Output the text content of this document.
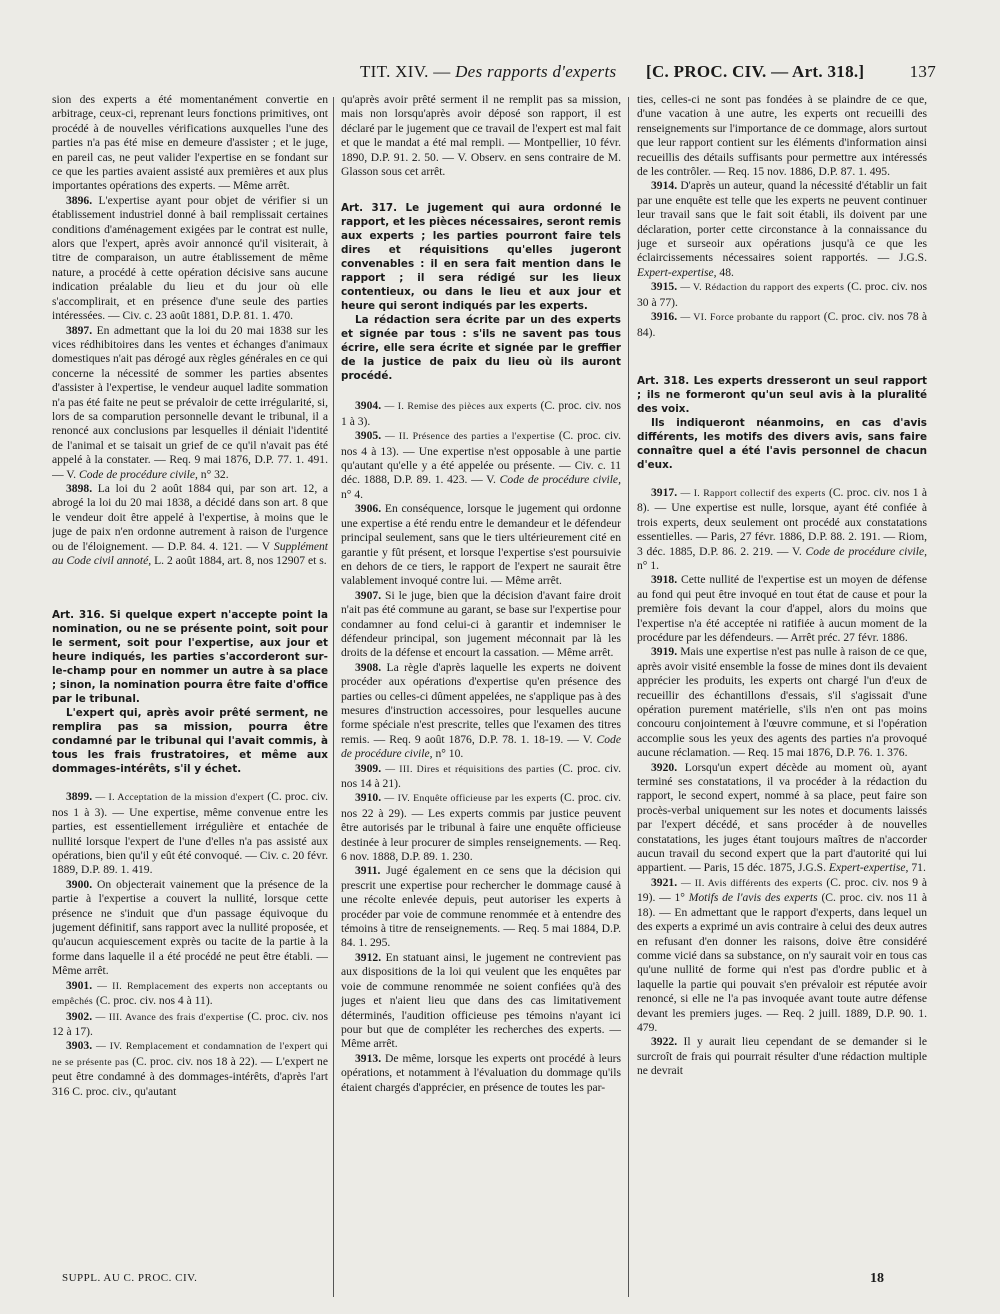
TIT. XIV. — Des rapports d'experts [C. PROC. CIV. — Art. 318.]	137

sion des experts a été momentanément convertie en arbitrage, ceux-ci, reprenant leurs fonctions primitives, ont procédé à de nouvelles vérifications auxquelles l'une des parties n'a pas été mise en demeure d'assister ; et le juge, en pareil cas, ne peut valider l'expertise en se fondant sur ce que les parties avaient assisté aux premières et aux plus importantes opérations des experts. — Même arrêt.

3896. L'expertise ayant pour objet de vérifier si un établissement industriel donné à bail remplissait certaines conditions d'aménagement exigées par le contrat est nulle, alors que l'expert, après avoir annoncé qu'il visiterait, à titre de comparaison, un autre établissement de même nature, a procédé à cette opération décisive sans aucune indication préalable du lieu et du jour où elle s'accomplirait, et en présence d'une seule des parties intéressées. — Civ. c. 23 août 1881, D.P. 81. 1. 470.

3897. En admettant que la loi du 20 mai 1838 sur les vices rédhibitoires dans les ventes et échanges d'animaux domestiques n'ait pas dérogé aux règles générales en ce qui concerne la nécessité de sommer les parties absentes d'assister à l'expertise, le vendeur auquel ladite sommation n'a pas été faite ne peut se prévaloir de cette irrégularité, si, lors de sa comparution personnelle devant le tribunal, il a renoncé aux conclusions par lesquelles il déniait l'identité de l'animal et se taisait un grief de ce qu'il n'avait pas été appelé à la constater. — Req. 9 mai 1876, D.P. 77. 1. 491. — V. Code de procédure civile, n° 32.

3898. La loi du 2 août 1884 qui, par son art. 12, a abrogé la loi du 20 mai 1838, a décidé dans son art. 8 que le vendeur doit être appelé à l'expertise, à moins que le juge de paix n'en ordonne autrement à raison de l'urgence ou de l'éloignement. — D.P. 84. 4. 121. — V Supplément au Code civil annoté, L. 2 août 1884, art. 8, nos 12907 et s.

Art. 316. Si quelque expert n'accepte point la nomination, ou ne se présente point, soit pour le serment, soit pour l'expertise, aux jour et heure indiqués, les parties s'accorderont sur-le-champ pour en nommer un autre à sa place ; sinon, la nomination pourra être faite d'office par le tribunal.
L'expert qui, après avoir prêté serment, ne remplira pas sa mission, pourra être condamné par le tribunal qui l'avait commis, à tous les frais frustratoires, et même aux dommages-intérêts, s'il y échet.

3899. — I. Acceptation de la mission d'expert (C. proc. civ. nos 1 à 3). — Une expertise, même convenue entre les parties, est essentiellement irrégulière et entachée de nullité lorsque l'expert de l'une d'elles n'a pas assisté aux opérations, bien qu'il y eût été convoqué. — Civ. c. 20 févr. 1889, D.P. 89. 1. 419.

3900. On objecterait vainement que la présence de la partie à l'expertise a couvert la nullité, lorsque cette présence ne s'induit que d'un passage équivoque du jugement définitif, sans rapport avec la nullité proposée, et qu'aucun acquiescement exprès ou tacite de la partie à la forme dans laquelle il a été procédé ne peut être établi. — Même arrêt.

3901. — II. Remplacement des experts non acceptants ou empêchés (C. proc. civ. nos 4 à 11).

3902. — III. Avance des frais d'expertise (C. proc. civ. nos 12 à 17).

3903. — IV. Remplacement et condamnation de l'expert qui ne se présente pas (C. proc. civ. nos 18 à 22). — L'expert ne peut être condamné à des dommages-intérêts, d'après l'art 316 C. proc. civ., qu'autant

qu'après avoir prêté serment il ne remplit pas sa mission, mais non lorsqu'après avoir déposé son rapport, il est déclaré par le jugement que ce travail de l'expert est mal fait et que le mandat a été mal rempli. — Montpellier, 10 févr. 1890, D.P. 91. 2. 50. — V. Observ. en sens contraire de M. Glasson sous cet arrêt.

Art. 317. Le jugement qui aura ordonné le rapport, et les pièces nécessaires, seront remis aux experts ; les parties pourront faire tels dires et réquisitions qu'elles jugeront convenables : il en sera fait mention dans le rapport ; il sera rédigé sur les lieux contentieux, ou dans le lieu et aux jour et heure qui seront indiqués par les experts.
La rédaction sera écrite par un des experts et signée par tous : s'ils ne savent pas tous écrire, elle sera écrite et signée par le greffier de la justice de paix du lieu où ils auront procédé.

3904. — I. Remise des pièces aux experts (C. proc. civ. nos 1 à 3).

3905. — II. Présence des parties a l'expertise (C. proc. civ. nos 4 à 13). — Une expertise n'est opposable à une partie qu'autant qu'elle y a été appelée ou présente. — Civ. c. 11 déc. 1888, D.P. 89. 1. 423. — V. Code de procédure civile, n° 4.

3906. En conséquence, lorsque le jugement qui ordonne une expertise a été rendu entre le demandeur et le défendeur principal seulement, sans que le tiers ultérieurement cité en garantie y fût présent, et lorsque l'expertise s'est poursuivie en dehors de ce tiers, le rapport de l'expert ne saurait être valablement invoqué contre lui. — Même arrêt.

3907. Si le juge, bien que la décision d'avant faire droit n'ait pas été commune au garant, se base sur l'expertise pour condamner au fond celui-ci à garantir et indemniser le défendeur principal, son jugement méconnait par là les droits de la défense et encourt la cassation. — Même arrêt.

3908. La règle d'après laquelle les experts ne doivent procéder aux opérations d'expertise qu'en présence des parties ou celles-ci dûment appelées, ne s'applique pas à des mesures d'instruction accessoires, pour lesquelles aucune forme spéciale n'est prescrite, telles que l'examen des titres remis. — Req. 9 août 1876, D.P. 78. 1. 18-19. — V. Code de procédure civile, n° 10.

3909. — III. Dires et réquisitions des parties (C. proc. civ. nos 14 à 21).

3910. — IV. Enquête officieuse par les experts (C. proc. civ. nos 22 à 29). — Les experts commis par justice peuvent être autorisés par le tribunal à faire une enquête officieuse destinée à leur procurer de simples renseignements. — Req. 6 nov. 1888, D.P. 89. 1. 230.

3911. Jugé également en ce sens que la décision qui prescrit une expertise pour rechercher le dommage causé à une récolte enlevée depuis, peut autoriser les experts à procéder par voie de commune renommée et à entendre des témoins à titre de renseignements. — Req. 5 mai 1884, D.P. 84. 1. 295.

3912. En statuant ainsi, le jugement ne contrevient pas aux dispositions de la loi qui veulent que les enquêtes par voie de commune renommée ne soient confiées qu'à des juges et n'aient lieu que dans des cas limitativement déterminés, l'audition officieuse pes témoins n'ayant ici pour but que de compléter les recherches des experts. — Même arrêt.

3913. De même, lorsque les experts ont procédé à leurs opérations, et notamment à l'évaluation du dommage qu'ils étaient chargés d'apprécier, en présence de toutes les par-

ties, celles-ci ne sont pas fondées à se plaindre de ce que, d'une vacation à une autre, les experts ont recueilli des renseignements sur l'importance de ce dommage, alors surtout que leur rapport contient sur les éléments d'information ainsi recueillis des détails suffisants pour permettre aux intéressés de les contrôler. — Req. 15 nov. 1886, D.P. 87. 1. 495.

3914. D'après un auteur, quand la nécessité d'établir un fait par une enquête est telle que les experts ne peuvent continuer leur travail sans que le fait soit établi, ils doivent par une déclaration, porter cette circonstance à la connaissance du juge et surseoir aux opérations jusqu'à ce que les éclaircissements nécessaires soient rapportés. — J.G.S. Expert-expertise, 48.

3915. — V. Rédaction du rapport des experts (C. proc. civ. nos 30 à 77).

3916. — VI. Force probante du rapport (C. proc. civ. nos 78 à 84).

Art. 318. Les experts dresseront un seul rapport ; ils ne formeront qu'un seul avis à la pluralité des voix.
Ils indiqueront néanmoins, en cas d'avis différents, les motifs des divers avis, sans faire connaître quel a été l'avis personnel de chacun d'eux.

3917. — I. Rapport collectif des experts (C. proc. civ. nos 1 à 8). — Une expertise est nulle, lorsque, ayant été confiée à trois experts, deux seulement ont procédé aux constatations essentielles. — Paris, 27 févr. 1886, D.P. 88. 2. 191. — Riom, 3 déc. 1885, D.P. 86. 2. 219. — V. Code de procédure civile, n° 1.

3918. Cette nullité de l'expertise est un moyen de défense au fond qui peut être invoqué en tout état de cause et pour la première fois devant la cour d'appel, alors du moins que l'expertise n'a été acceptée ni ratifiée à aucun moment de la procédure par les défendeurs. — Arrêt préc. 27 févr. 1886.

3919. Mais une expertise n'est pas nulle à raison de ce que, après avoir visité ensemble la fosse de mines dont ils devaient apprécier les produits, les experts ont chargé l'un d'eux de recueillir des échantillons d'essais, s'il s'agissait d'une opération purement matérielle, s'ils n'en ont pas moins concouru conjointement à l'œuvre commune, et si l'opération accomplie sous les yeux des agents des parties n'a provoqué aucune réclamation. — Req. 15 mai 1876, D.P. 76. 1. 376.

3920. Lorsqu'un expert décède au moment où, ayant terminé ses constatations, il va procéder à la rédaction du rapport, le second expert, nommé à sa place, peut faire son procès-verbal uniquement sur les notes et documents laissés par l'expert décédé, et sans procéder à de nouvelles constatations, les juges étant toujours maîtres de n'accorder aucun travail du second expert que la part d'autorité qui lui appartient. — Paris, 15 déc. 1875, J.G.S. Expert-expertise, 71.

3921. — II. Avis différents des experts (C. proc. civ. nos 9 à 19). — 1° Motifs de l'avis des experts (C. proc. civ. nos 11 à 18). — En admettant que le rapport d'experts, dans lequel un des experts a exprimé un avis contraire à celui des deux autres en refusant d'en donner les raisons, doive être considéré comme vicié dans sa substance, on n'y saurait voir en tous cas qu'une nullité de forme qui n'est pas d'ordre public et à laquelle la partie qui pouvait s'en prévaloir est réputée avoir renoncé, si elle ne l'a pas invoquée avant toute autre défense devant les premiers juges. — Req. 2 juill. 1889, D.P. 90. 1. 479.

3922. Il y aurait lieu cependant de se demander si le surcroît de frais qui pourrait résulter d'une rédaction multiple ne devrait

SUPPL. AU C. PROC. CIV.	18
